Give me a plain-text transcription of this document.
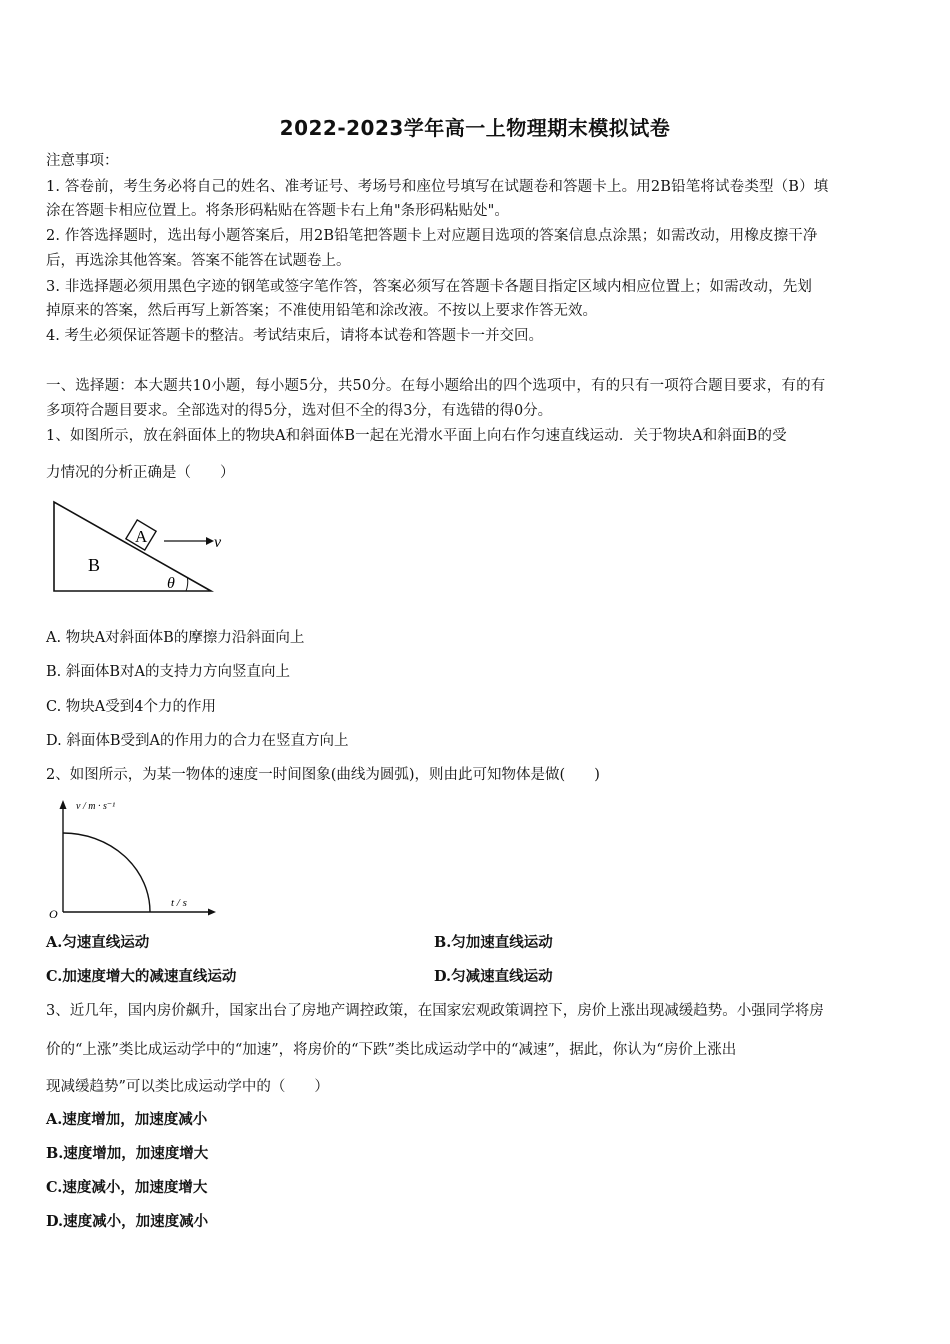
2022-2023学年高一上物理期末模拟试卷
注意事项：
1. 答卷前，考生务必将自己的姓名、准考证号、考场号和座位号填写在试题卷和答题卡上。用2B铅笔将试卷类型（B）填
涂在答题卡相应位置上。将条形码粘贴在答题卡右上角"条形码粘贴处"。
2. 作答选择题时，选出每小题答案后，用2B铅笔把答题卡上对应题目选项的答案信息点涂黑；如需改动，用橡皮擦干净
后，再选涂其他答案。答案不能答在试题卷上。
3. 非选择题必须用黑色字迹的钢笔或签字笔作答，答案必须写在答题卡各题目指定区域内相应位置上；如需改动，先划
掉原来的答案，然后再写上新答案；不准使用铅笔和涂改液。不按以上要求作答无效。
4. 考生必须保证答题卡的整洁。考试结束后，请将本试卷和答题卡一并交回。
一、选择题：本大题共10小题，每小题5分，共50分。在每小题给出的四个选项中，有的只有一项符合题目要求，有的有
多项符合题目要求。全部选对的得5分，选对但不全的得3分，有选错的得0分。
1、如图所示，放在斜面体上的物块A和斜面体B一起在光滑水平面上向右作匀速直线运动．关于物块A和斜面B的受
力情况的分析正确是（　　）
A	v
B
θ
A. 物块A对斜面体B的摩擦力沿斜面向上
B. 斜面体B对A的支持力方向竖直向上
C. 物块A受到4个力的作用
D. 斜面体B受到A的作用力的合力在竖直方向上
2、如图所示，为某一物体的速度一时间图象(曲线为圆弧)，则由此可知物体是做(　　)
v / m · s⁻¹
t / s
O
A.匀速直线运动	B.匀加速直线运动
C.加速度增大的减速直线运动	D.匀减速直线运动
3、近几年，国内房价飙升，国家出台了房地产调控政策，在国家宏观政策调控下，房价上涨出现减缓趋势。小强同学将房
价的“上涨”类比成运动学中的“加速”，将房价的“下跌”类比成运动学中的“减速”，据此，你认为“房价上涨出
现减缓趋势”可以类比成运动学中的（　　）
A.速度增加，加速度减小
B.速度增加，加速度增大
C.速度减小，加速度增大
D.速度减小，加速度减小
